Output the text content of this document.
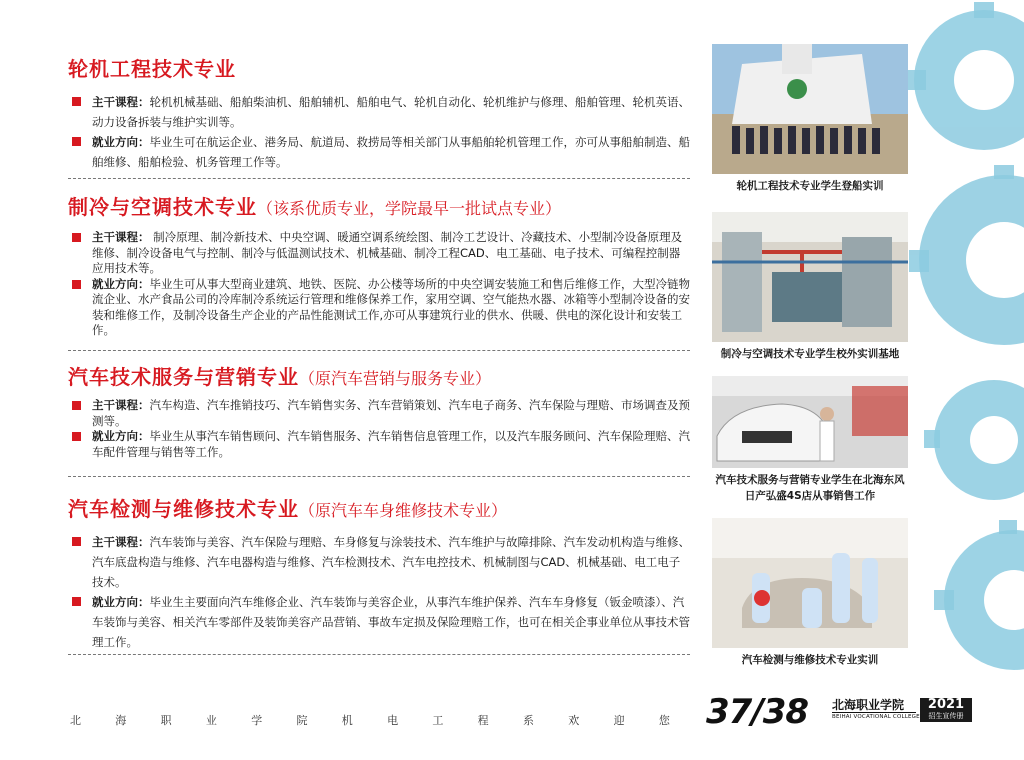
轮机工程技术专业
主干课程：轮机机械基础、船舶柴油机、船舶辅机、船舶电气、轮机自动化、轮机维护与修理、船舶管理、轮机英语、动力设备拆装与维护实训等。
就业方向：毕业生可在航运企业、港务局、航道局、救捞局等相关部门从事船舶轮机管理工作，亦可从事船舶制造、船舶维修、船舶检验、机务管理工作等。
制冷与空调技术专业（该系优质专业，学院最早一批试点专业）
主干课程： 制冷原理、制冷新技术、中央空调、暖通空调系统绘图、制冷工艺设计、冷藏技术、小型制冷设备原理及维修、制冷设备电气与控制、制冷与低温测试技术、机械基础、制冷工程CAD、电工基础、电子技术、可编程控制器应用技术等。
就业方向：毕业生可从事大型商业建筑、地铁、医院、办公楼等场所的中央空调安装施工和售后维修工作，大型冷链物流企业、水产食品公司的冷库制冷系统运行管理和维修保养工作，家用空调、空气能热水器、冰箱等小型制冷设备的安装和维修工作，及制冷设备生产企业的产品性能测试工作,亦可从事建筑行业的供水、供暖、供电的深化设计和安装工作。
汽车技术服务与营销专业（原汽车营销与服务专业）
主干课程：汽车构造、汽车推销技巧、汽车销售实务、汽车营销策划、汽车电子商务、汽车保险与理赔、市场调查及预测等。
就业方向：毕业生从事汽车销售顾问、汽车销售服务、汽车销售信息管理工作，以及汽车服务顾问、汽车保险理赔、汽车配件管理与销售等工作。
汽车检测与维修技术专业（原汽车车身维修技术专业）
主干课程：汽车装饰与美容、汽车保险与理赔、车身修复与涂装技术、汽车维护与故障排除、汽车发动机构造与维修、汽车底盘构造与维修、汽车电器构造与维修、汽车检测技术、汽车电控技术、机械制图与CAD、机械基础、电工电子技术。
就业方向：毕业生主要面向汽车维修企业、汽车装饰与美容企业，从事汽车维护保养、汽车车身修复（钣金喷漆）、汽车装饰与美容、相关汽车零部件及装饰美容产品营销、事故车定损及保险理赔工作，也可在相关企事业单位从事技术管理工作。
轮机工程技术专业学生登船实训
制冷与空调技术专业学生校外实训基地
汽车技术服务与营销专业学生在北海东风日产弘盛4S店从事销售工作
汽车检测与维修技术专业实训
北	海	职	业	学	院	机	电	工	程	系	欢	迎	您 37/38 北海职业学院
BEIHAI VOCATIONAL COLLEGE
2021
招生宣传册
